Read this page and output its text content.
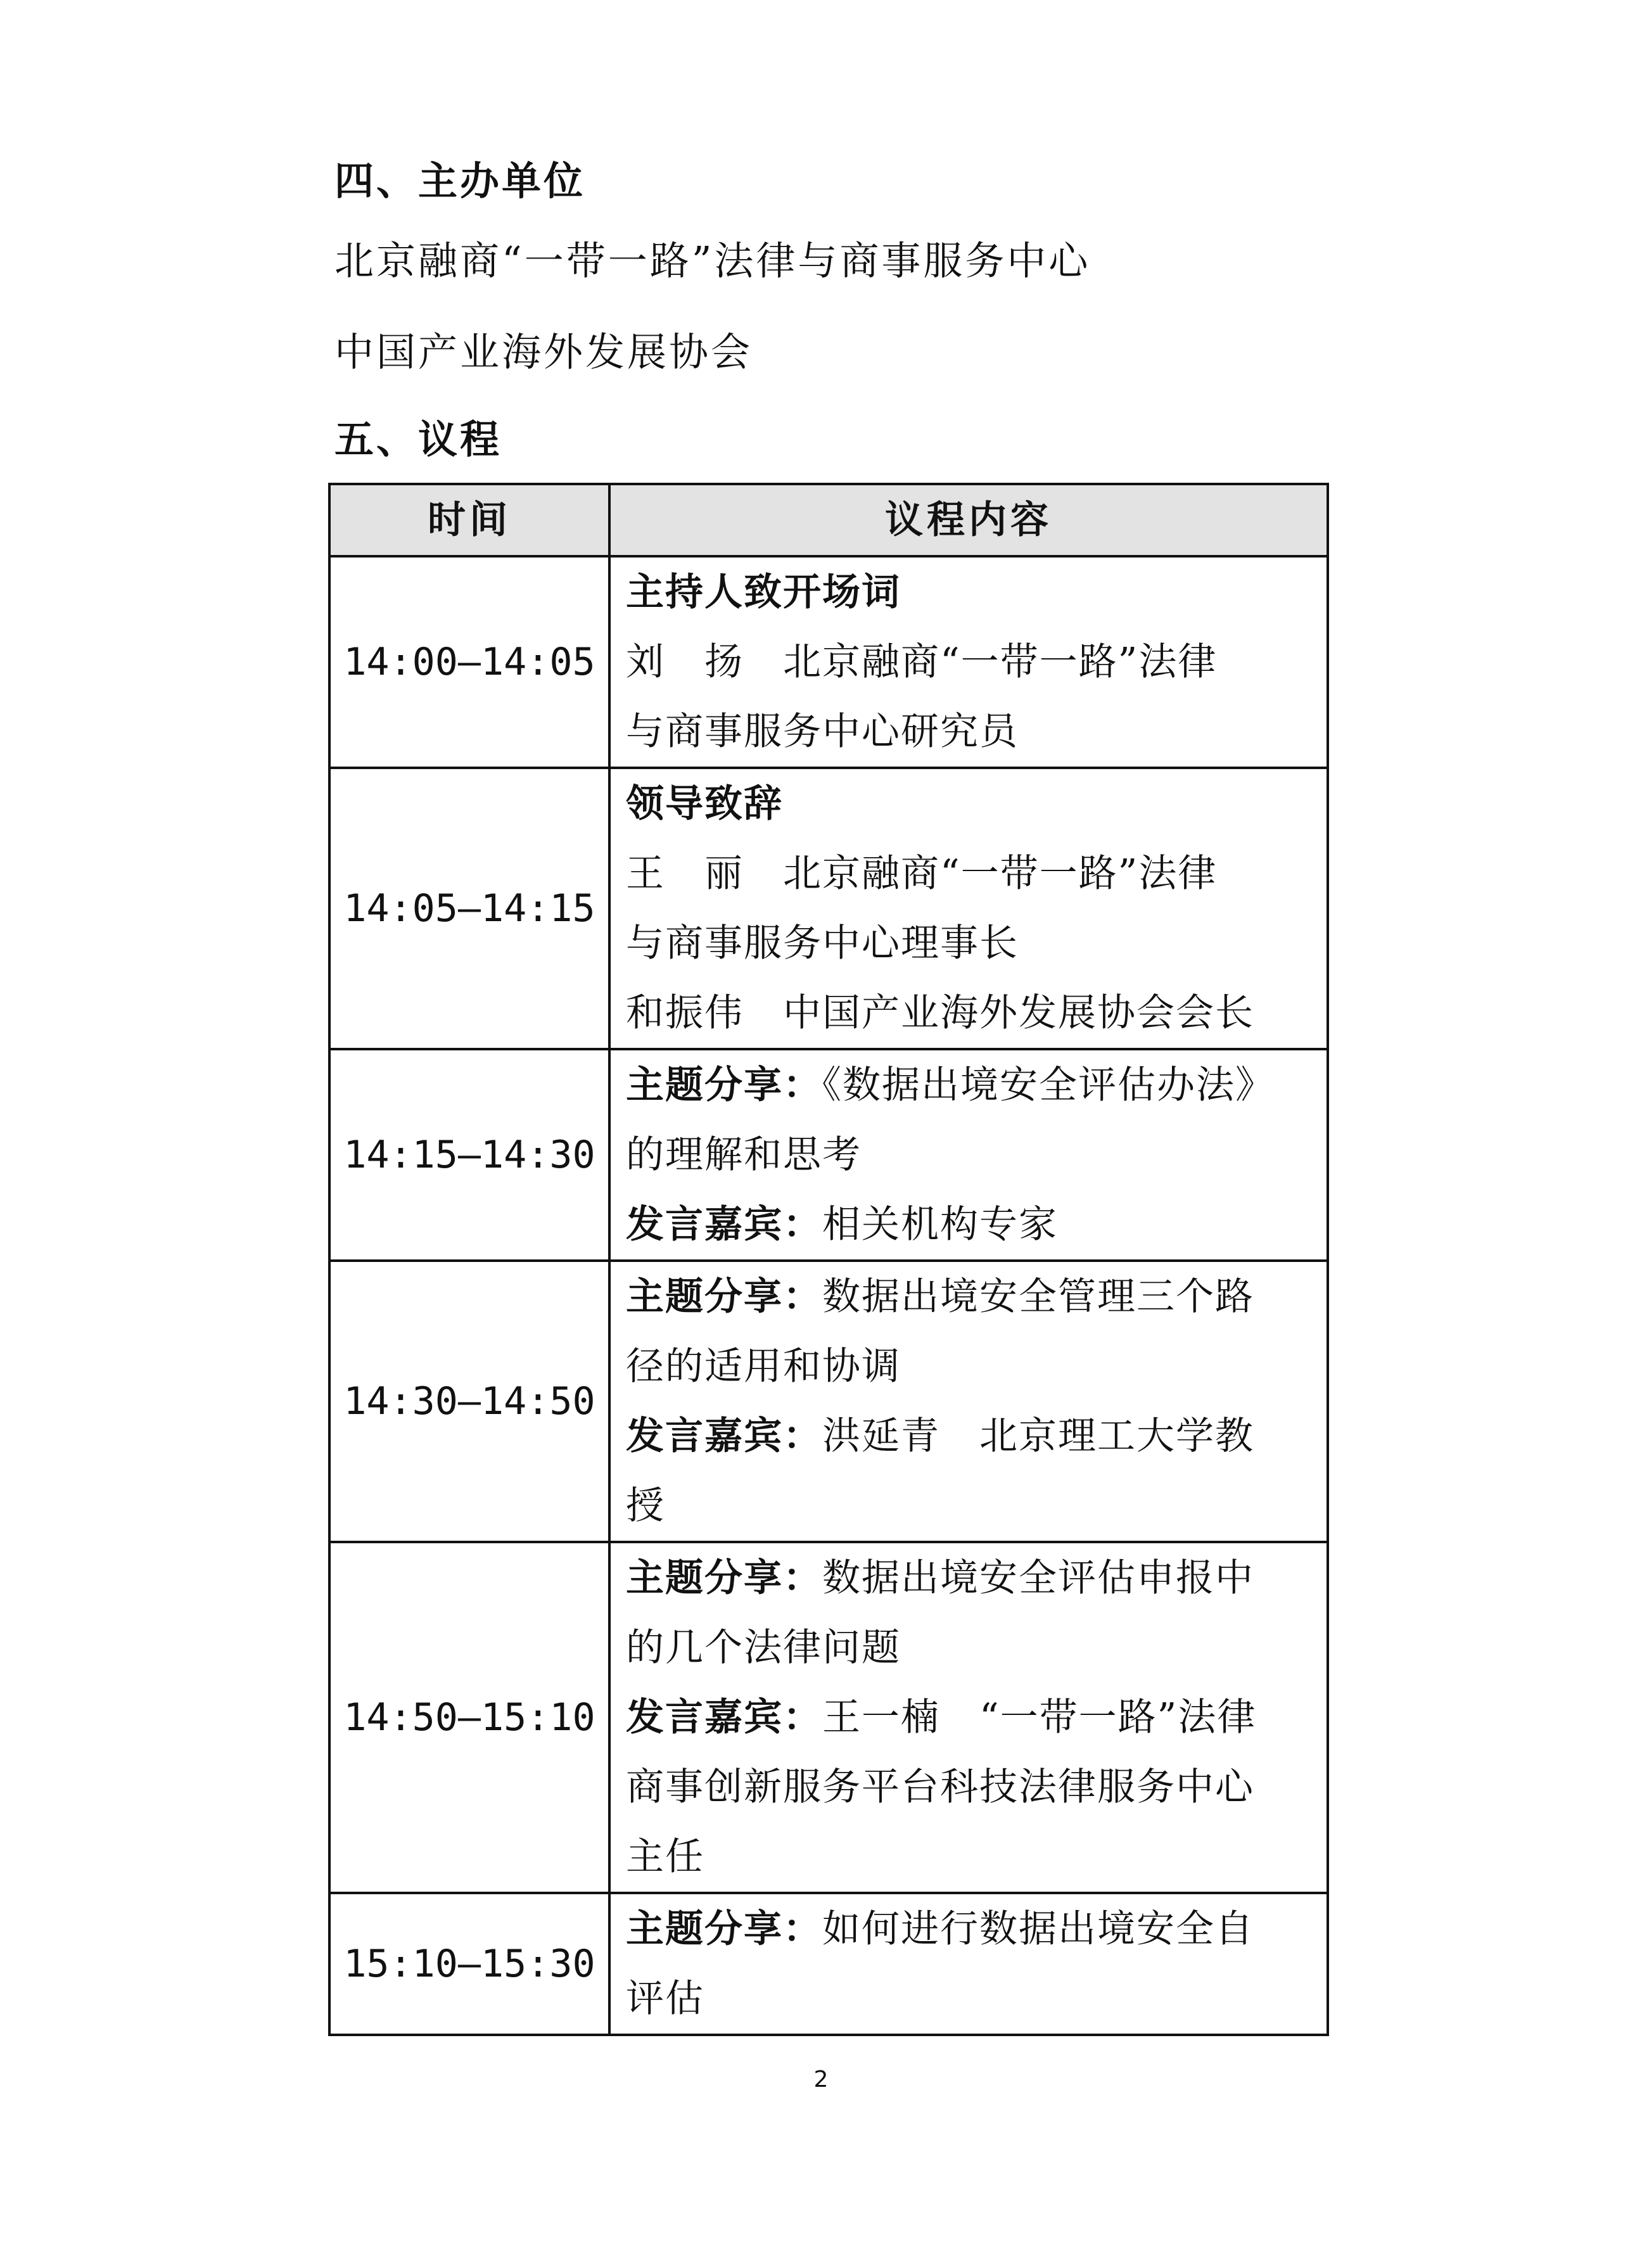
四、主办单位
北京融商“一带一路”法律与商事服务中心
中国产业海外发展协会
五、议程
时间	议程内容
14:00—14:05	主持人致开场词
刘　扬　北京融商“一带一路”法律
与商事服务中心研究员

14:05—14:15	领导致辞
王　丽　北京融商“一带一路”法律
与商事服务中心理事长
和振伟　中国产业海外发展协会会长

14:15—14:30	主题分享：《数据出境安全评估办法》
的理解和思考
发言嘉宾：相关机构专家

14:30—14:50	主题分享：数据出境安全管理三个路
径的适用和协调
发言嘉宾：洪延青　北京理工大学教
授

14:50—15:10	主题分享：数据出境安全评估申报中
的几个法律问题
发言嘉宾：王一楠　“一带一路”法律
商事创新服务平台科技法律服务中心
主任

15:10—15:30	主题分享：如何进行数据出境安全自
评估
2
